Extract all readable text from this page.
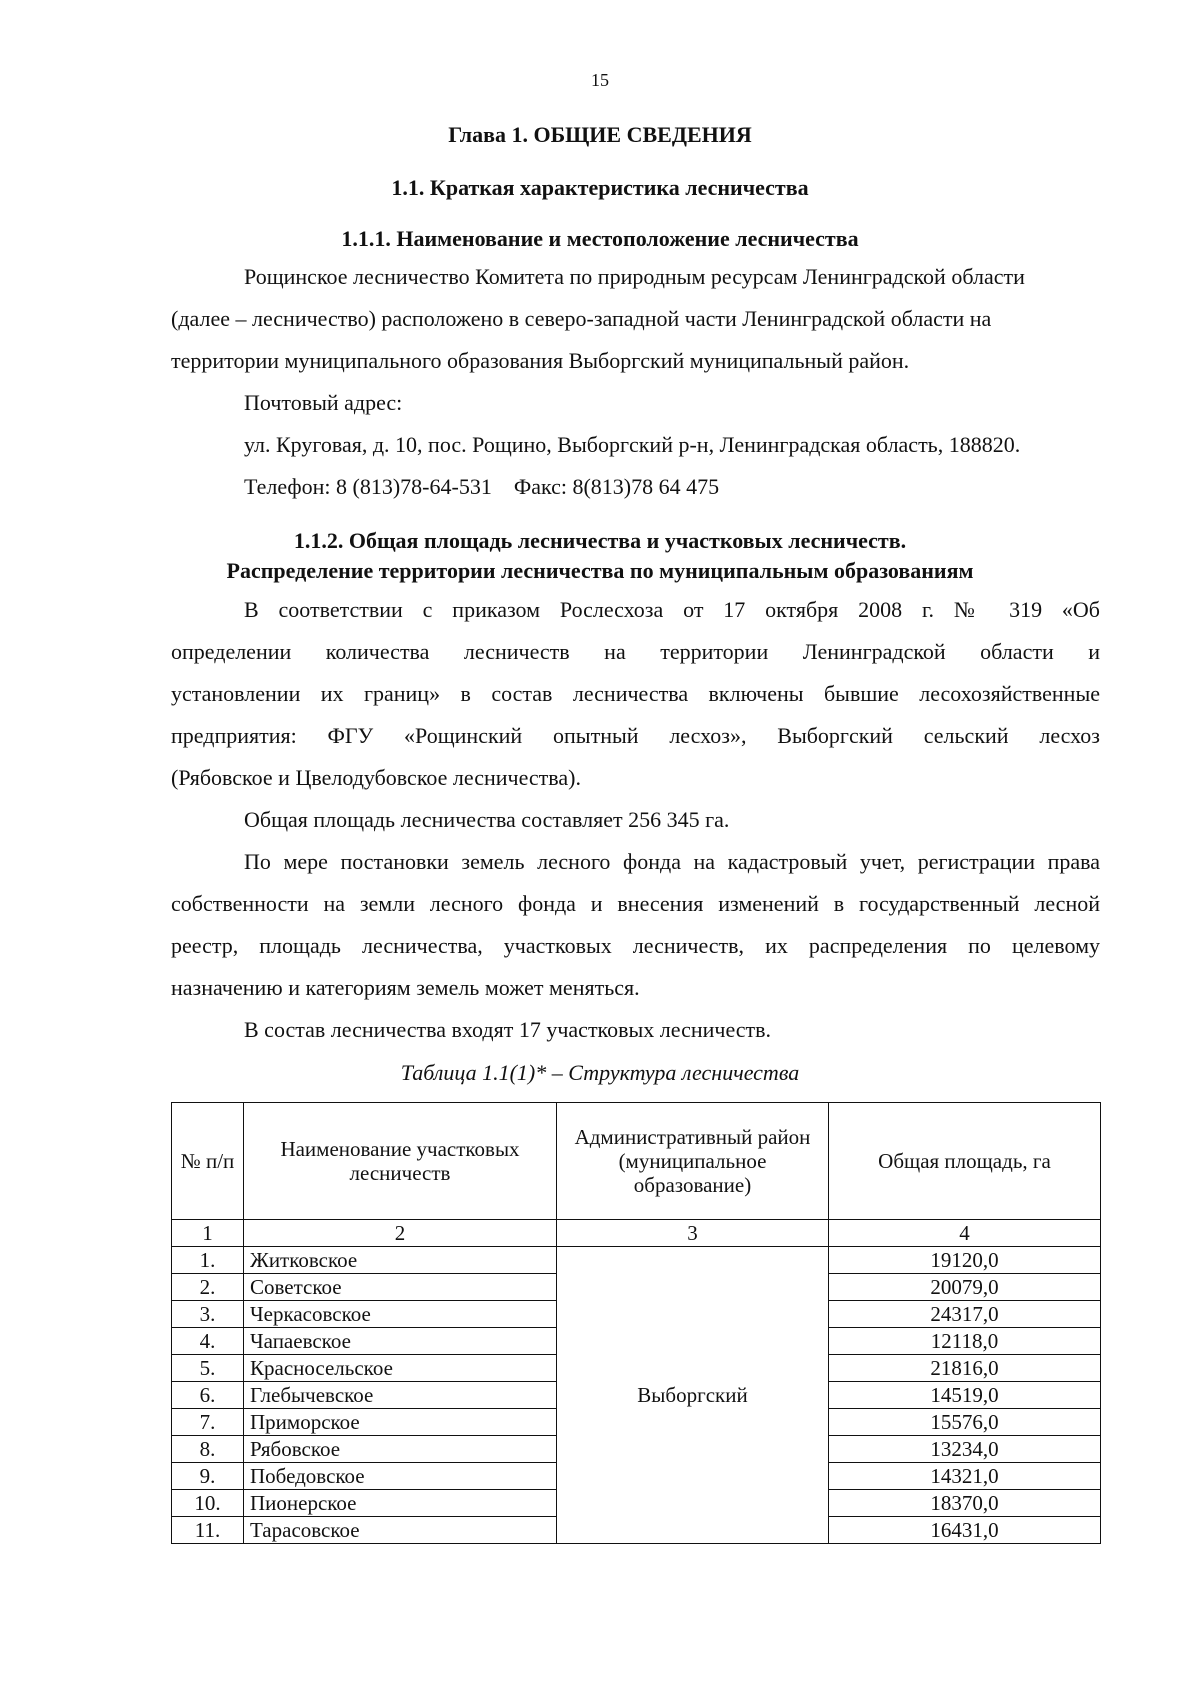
15
Глава 1. ОБЩИЕ СВЕДЕНИЯ
1.1. Краткая характеристика лесничества
1.1.1. Наименование и местоположение лесничества
Рощинское лесничество Комитета по природным ресурсам Ленинградской области
(далее – лесничество) расположено в северо-западной части Ленинградской области на
территории муниципального образования Выборгский муниципальный район.
Почтовый адрес:
ул. Круговая, д. 10, пос. Рощино, Выборгский р-н, Ленинградская область, 188820.
Телефон: 8 (813)78-64-531    Факс: 8(813)78 64 475
1.1.2. Общая площадь лесничества и участковых лесничеств.
Распределение территории лесничества по муниципальным образованиям
В соответствии с приказом Рослесхоза от 17 октября 2008 г. № 319 «Об
определении количества лесничеств на территории Ленинградской области и
установлении их границ» в состав лесничества включены бывшие лесохозяйственные
предприятия: ФГУ «Рощинский опытный лесхоз», Выборгский сельский лесхоз
(Рябовское и Цвелодубовское лесничества).
Общая площадь лесничества составляет 256 345 га.
По мере постановки земель лесного фонда на кадастровый учет, регистрации права
собственности на земли лесного фонда и внесения изменений в государственный лесной
реестр, площадь лесничества, участковых лесничеств, их распределения по целевому
назначению и категориям земель может меняться.
В состав лесничества входят 17 участковых лесничеств.
Таблица 1.1(1)* – Структура лесничества
№ п/п	Наименование участковых лесничеств	Административный район (муниципальное образование)	Общая площадь, га
1	2	3	4
1.	Житковское	Выборгский	19120,0
2.	Советское		20079,0
3.	Черкасовское		24317,0
4.	Чапаевское		12118,0
5.	Красносельское		21816,0
6.	Глебычевское		14519,0
7.	Приморское		15576,0
8.	Рябовское		13234,0
9.	Победовское		14321,0
10.	Пионерское		18370,0
11.	Тарасовское		16431,0
